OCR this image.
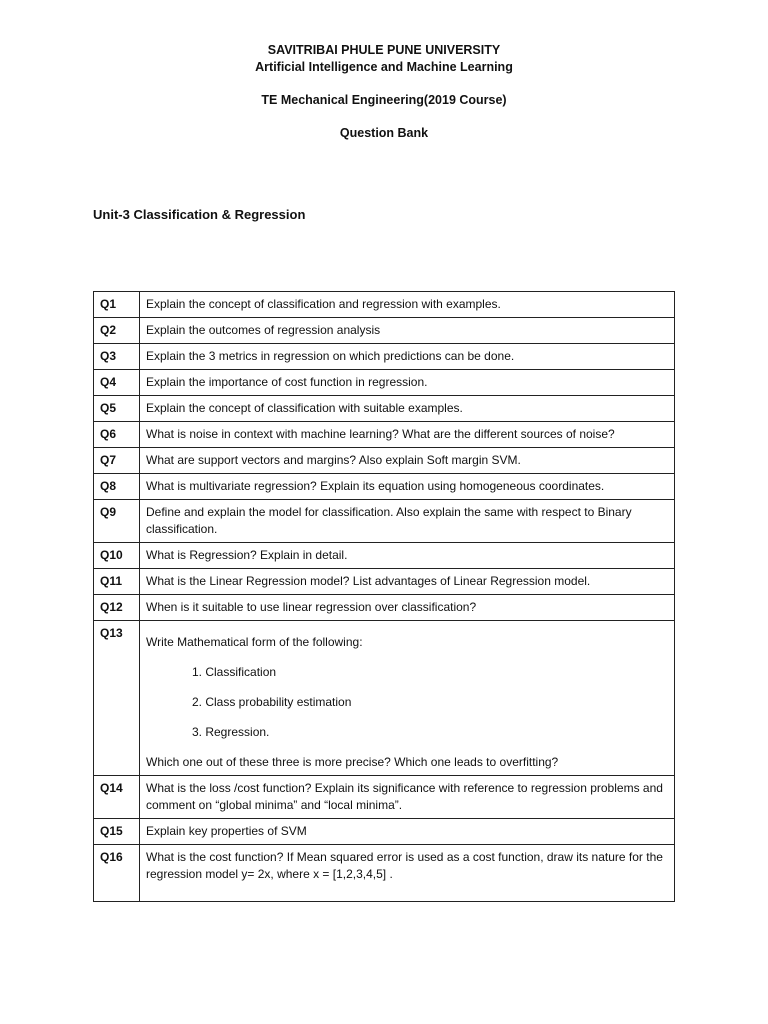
SAVITRIBAI PHULE PUNE UNIVERSITY
Artificial Intelligence and Machine Learning
TE Mechanical Engineering(2019 Course)
Question Bank
Unit-3 Classification & Regression
Q1	Explain the concept of classification and regression with examples.
Q2	Explain the outcomes of regression analysis
Q3	Explain the 3 metrics in regression on which predictions can be done.
Q4	Explain the importance of cost function in regression.
Q5	Explain the concept of classification with suitable examples.
Q6	What is noise in context with machine learning? What are the different sources of noise?
Q7	What are support vectors and margins? Also explain Soft margin SVM.
Q8	What is multivariate regression? Explain its equation using homogeneous coordinates.
Q9	Define and explain the model for classification. Also explain the same with respect to Binary classification.
Q10	What is Regression? Explain in detail.
Q11	What is the Linear Regression model? List advantages of Linear Regression model.
Q12	When is it suitable to use linear regression over classification?
Q13	Write Mathematical form of the following:
1. Classification
2. Class probability estimation
3. Regression.
Which one out of these three is more precise? Which one leads to overfitting?

Q14	What is the loss /cost function? Explain its significance with reference to regression problems and comment on “global minima” and “local minima”.
Q15	Explain key properties of SVM
Q16	What is the cost function? If Mean squared error is used as a cost function, draw its nature for the regression model y= 2x, where x = [1,2,3,4,5] .
